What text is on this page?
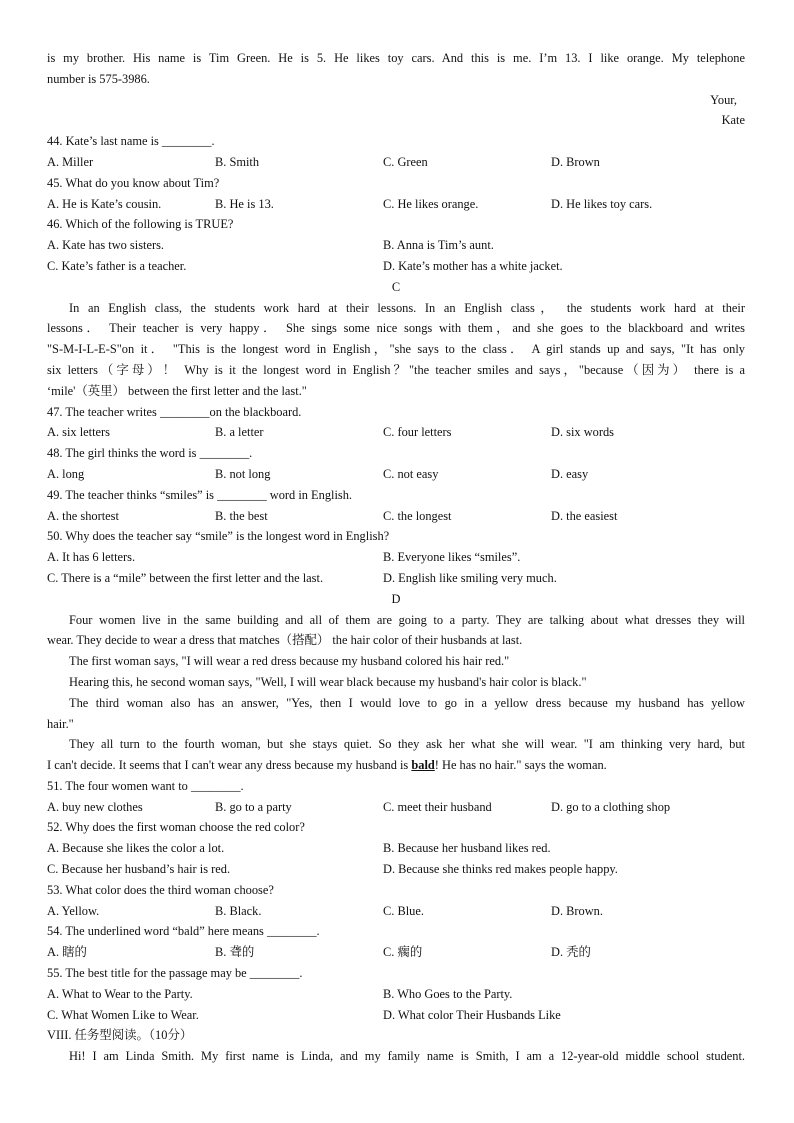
is my brother. His name is Tim Green. He is 5. He likes toy cars. And this is me. I’m 13. I like orange. My telephone
number is 575-3986.
Your,
Kate
44. Kate’s last name is ________.
A. Miller	B. Smith	C. Green	D. Brown
45. What do you know about Tim?
A. He is Kate’s cousin.	B. He is 13.	C. He likes orange.	D. He likes toy cars.
46. Which of the following is TRUE?
A. Kate has two sisters.	B. Anna is Tim’s aunt.
C. Kate’s father is a teacher.	D. Kate’s mother has a white jacket.
C
In an English class, the students work hard at their lessons. In an English class， the students work hard at their
lessons． Their teacher is very happy． She sings some nice songs with them，and she goes to the blackboard and writes
"S-M-I-L-E-S"on it． "This is the longest word in English，"she says to the class． A girl stands up and says, "It has only
six letters（字母）！ Why is it the longest word in English？"the teacher smiles and says，"because（因为） there is a
‘mile'（英里） between the first letter and the last."
47. The teacher writes ________on the blackboard.
A. six letters	B. a letter	C. four letters	D. six words
48. The girl thinks the word is ________.
A. long	B. not long	C. not easy	D. easy
49. The teacher thinks “smiles” is ________ word in English.
A. the shortest	B. the best	C. the longest	D. the easiest
50. Why does the teacher say “smile” is the longest word in English?
A. It has 6 letters.	B. Everyone likes “smiles”.
C. There is a “mile” between the first letter and the last.	D. English like smiling very much.
D
Four women live in the same building and all of them are going to a party. They are talking about what dresses they will
wear. They decide to wear a dress that matches（搭配） the hair color of their husbands at last.
The first woman says, "I will wear a red dress because my husband colored his hair red."
Hearing this, he second woman says, "Well, I will wear black because my husband's hair color is black."
The third woman also has an answer, "Yes, then I would love to go in a yellow dress because my husband has yellow
hair."
They all turn to the fourth woman, but she stays quiet. So they ask her what she will wear. "I am thinking very hard, but
I can't decide. It seems that I can't wear any dress because my husband is bald! He has no hair." says the woman.
51. The four women want to ________.
A. buy new clothes	B. go to a party	C. meet their husband	D. go to a clothing shop
52. Why does the first woman choose the red color?
A. Because she likes the color a lot.	B. Because her husband likes red.
C. Because her husband’s hair is red.	D. Because she thinks red makes people happy.
53. What color does the third woman choose?
A. Yellow.	B. Black.	C. Blue.	D. Brown.
54. The underlined word “bald” here means ________.
A. 瞎的	B. 聋的	C. 瘸的	D. 秃的
55. The best title for the passage may be ________.
A. What to Wear to the Party.	B. Who Goes to the Party.
C. What Women Like to Wear.	D. What color Their Husbands Like
VIII. 任务型阅读。（10分）
Hi! I am Linda Smith. My first name is Linda, and my family name is Smith, I am a 12-year-old middle school student.
